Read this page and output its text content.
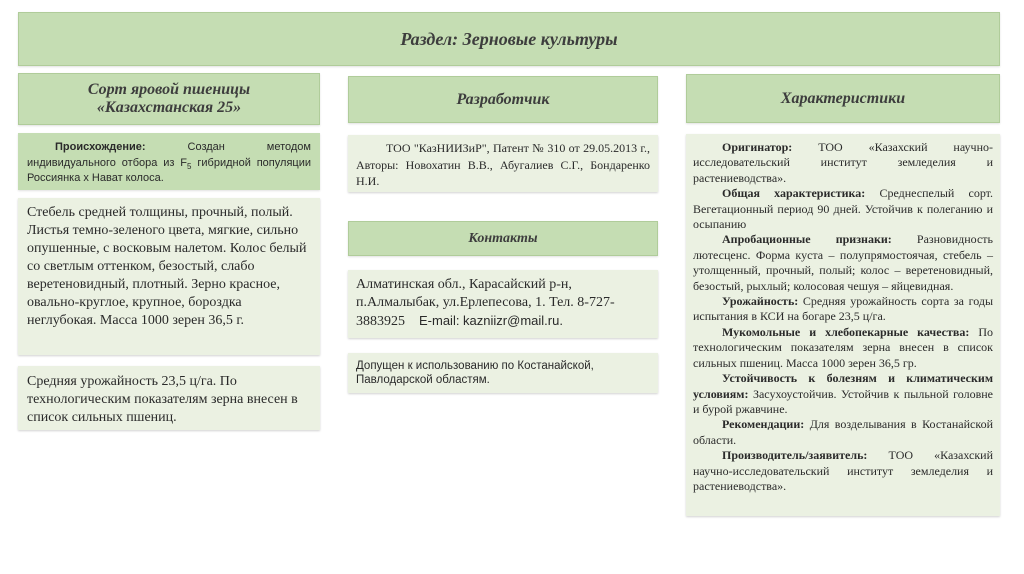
Раздел: Зерновые культуры
Сорт яровой пшеницы
«Казахстанская 25»

Происхождение:	Создан методом индивидуального отбора из $F_5$ гибридной популяции Россиянка х Нават колоса.

Стебель средней толщины, прочный, полый. Листья темно-зеленого цвета, мягкие, сильно опушенные, с восковым налетом. Колос белый со светлым оттенком, безостый, слабо веретеновидный, плотный. Зерно красное, овально-круглое, крупное, бороздка неглубокая. Масса 1000 зерен 36,5 г.

Средняя урожайность 23,5 ц/га. По технологическим показателям зерна внесен в список сильных пшениц.

Разработчик

ТОО "КазНИИЗиР", Патент № 310 от 29.05.2013 г., Авторы: Новохатин В.В., Абугалиев С.Г., Бондаренко Н.И.

Контакты

Алматинская обл., Карасайский р-н, п.Алмалыбак, ул.Ерлепесова, 1. Тел. 8-727-3883925 E-mail: kazniizr@mail.ru.

Допущен к использованию по Костанайской, Павлодарской областям.

Характеристики

Оригинатор: ТОО «Казахский научно-исследовательский институт земледелия и растениеводства».

Общая характеристика: Среднеспелый сорт. Вегетационный период 90 дней. Устойчив к полеганию и осыпанию

Апробационные признаки: Разновидность лютесценс. Форма куста – полупрямостоячая, стебель – утолщенный, прочный, полый; колос – веретеновидный, безостый, рыхлый; колосовая чешуя – яйцевидная.

Урожайность: Средняя урожайность сорта за годы испытания в КСИ на богаре 23,5 ц/га.

Мукомольные и хлебопекарные качества: По технологическим показателям зерна внесен в список сильных пшениц. Масса 1000 зерен 36,5 гр.

Устойчивость к болезням и климатическим условиям: Засухоустойчив. Устойчив к пыльной головне и бурой ржавчине.

Рекомендации: Для возделывания в Костанайской области.

Производитель/заявитель: ТОО «Казахский научно-исследовательский институт земледелия и растениеводства».
